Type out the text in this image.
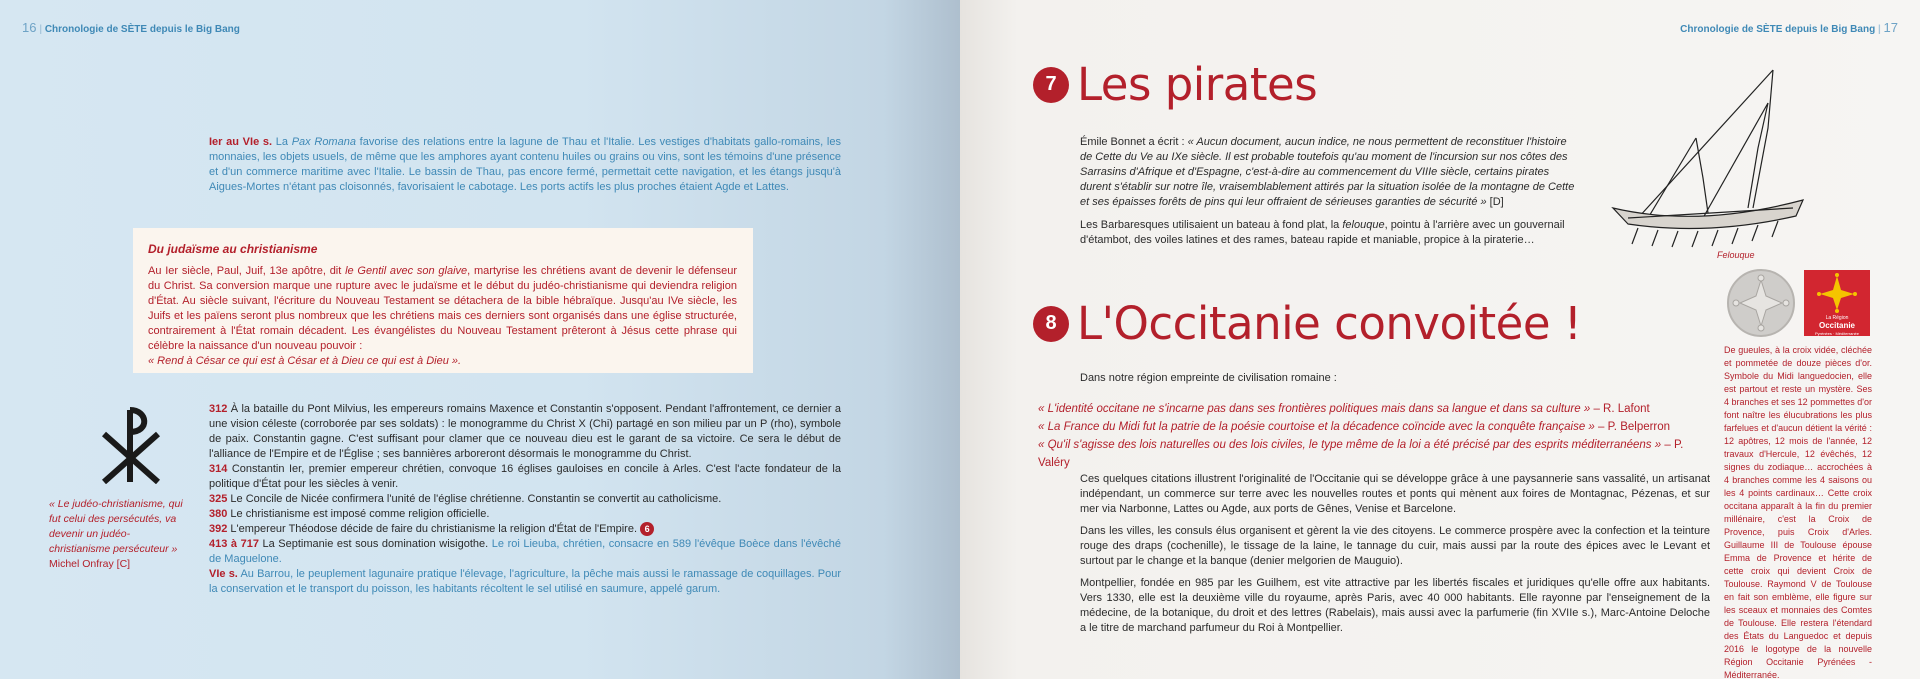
16 | Chronologie de SÈTE depuis le Big Bang

Ier au VIe s. La Pax Romana favorise des relations entre la lagune de Thau et l'Italie. Les vestiges d'habitats gallo-romains, les monnaies, les objets usuels, de même que les amphores ayant contenu huiles ou grains ou vins, sont les témoins d'une présence et d'un commerce maritime avec l'Italie. Le bassin de Thau, pas encore fermé, permettait cette navigation, et les étangs jusqu'à Aigues-Mortes n'étant pas cloisonnés, favorisaient le cabotage. Les ports actifs les plus proches étaient Agde et Lattes.

Du judaïsme au christianisme

Au Ier siècle, Paul, Juif, 13e apôtre, dit le Gentil avec son glaive, martyrise les chrétiens avant de devenir le défenseur du Christ. Sa conversion marque une rupture avec le judaïsme et le début du judéo-christianisme qui deviendra religion d'État. Au siècle suivant, l'écriture du Nouveau Testament se détachera de la bible hébraïque. Jusqu'au IVe siècle, les Juifs et les païens seront plus nombreux que les chrétiens mais ces derniers sont organisés dans une église structurée, contrairement à l'État romain décadent. Les évangélistes du Nouveau Testament prêteront à Jésus cette phrase qui célèbre la naissance d'un nouveau pouvoir :
« Rend à César ce qui est à César et à Dieu ce qui est à Dieu ».

« Le judéo-christianisme, qui fut celui des persécutés, va devenir un judéo-christianisme persécuteur »
Michel Onfray [C]

312 À la bataille du Pont Milvius, les empereurs romains Maxence et Constantin s'opposent. Pendant l'affrontement, ce dernier a une vision céleste (corroborée par ses soldats) : le monogramme du Christ X (Chi) partagé en son milieu par un P (rho), symbole de paix. Constantin gagne. C'est suffisant pour clamer que ce nouveau dieu est le garant de sa victoire. Ce sera le début de l'alliance de l'Empire et de l'Église ; ses bannières arboreront désormais le monogramme du Christ.

314 Constantin Ier, premier empereur chrétien, convoque 16 églises gauloises en concile à Arles. C'est l'acte fondateur de la politique d'État pour les siècles à venir.

325 Le Concile de Nicée confirmera l'unité de l'église chrétienne. Constantin se convertit au catholicisme.

380 Le christianisme est imposé comme religion officielle.

392 L'empereur Théodose décide de faire du christianisme la religion d'État de l'Empire. 6

413 à 717 La Septimanie est sous domination wisigothe. Le roi Lieuba, chrétien, consacre en 589 l'évêque Boèce dans l'évêché de Maguelone.

VIe s. Au Barrou, le peuplement lagunaire pratique l'élevage, l'agriculture, la pêche mais aussi le ramassage de coquillages. Pour la conservation et le transport du poisson, les habitants récoltent le sel utilisé en saumure, appelé garum.

Chronologie de SÈTE depuis le Big Bang | 17
7 Les pirates

Émile Bonnet a écrit : « Aucun document, aucun indice, ne nous permettent de reconstituer l'histoire de Cette du Ve au IXe siècle. Il est probable toutefois qu'au moment de l'incursion sur nos côtes des Sarrasins d'Afrique et d'Espagne, c'est-à-dire au commencement du VIIIe siècle, certains pirates durent s'établir sur notre île, vraisemblablement attirés par la situation isolée de la montagne de Cette et ses épaisses forêts de pins qui leur offraient de sérieuses garanties de sécurité » [D]

Les Barbaresques utilisaient un bateau à fond plat, la felouque, pointu à l'arrière avec un gouvernail d'étambot, des voiles latines et des rames, bateau rapide et maniable, propice à la piraterie…

Felouque
8 L'Occitanie convoitée !	La Région
Occitanie
Pyrénées · Méditerranée
De gueules, à la croix vidée, cléchée et pommetée de douze pièces d'or. Symbole du Midi languedocien, elle est partout et reste un mystère. Ses 4 branches et ses 12 pommettes d'or font naître les élucubrations les plus farfelues et d'aucun détient la vérité : 12 apôtres, 12 mois de l'année, 12 travaux d'Hercule, 12 évêchés, 12 signes du zodiaque… accrochées à 4 branches comme les 4 saisons ou les 4 points cardinaux… Cette croix occitana apparaît à la fin du premier millénaire, c'est la Croix de Provence, puis Croix d'Arles. Guillaume III de Toulouse épouse Emma de Provence et hérite de cette croix qui devient Croix de Toulouse. Raymond V de Toulouse en fait son emblème, elle figure sur les sceaux et monnaies des Comtes de Toulouse. Elle restera l'étendard des États du Languedoc et depuis 2016 le logotype de la nouvelle Région Occitanie Pyrénées - Méditerranée.
Dans notre région empreinte de civilisation romaine :
« L'identité occitane ne s'incarne pas dans ses frontières politiques mais dans sa langue et dans sa culture » – R. Lafont
« La France du Midi fut la patrie de la poésie courtoise et la décadence coïncide avec la conquête française » – P. Belperron
« Qu'il s'agisse des lois naturelles ou des lois civiles, le type même de la loi a été précisé par des esprits méditerranéens » – P. Valéry

Ces quelques citations illustrent l'originalité de l'Occitanie qui se développe grâce à une paysannerie sans vassalité, un artisanat indépendant, un commerce sur terre avec les nouvelles routes et ponts qui mènent aux foires de Montagnac, Pézenas, et sur mer via Narbonne, Lattes ou Agde, aux ports de Gênes, Venise et Barcelone.

Dans les villes, les consuls élus organisent et gèrent la vie des citoyens. Le commerce prospère avec la confection et la teinture rouge des draps (cochenille), le tissage de la laine, le tannage du cuir, mais aussi par la route des épices avec le Levant et surtout par le change et la banque (denier melgorien de Mauguio).

Montpellier, fondée en 985 par les Guilhem, est vite attractive par les libertés fiscales et juridiques qu'elle offre aux habitants. Vers 1330, elle est la deuxième ville du royaume, après Paris, avec 40 000 habitants. Elle rayonne par l'enseignement de la médecine, de la botanique, du droit et des lettres (Rabelais), mais aussi avec la parfumerie (fin XVIIe s.), Marc-Antoine Deloche a le titre de marchand parfumeur du Roi à Montpellier.
